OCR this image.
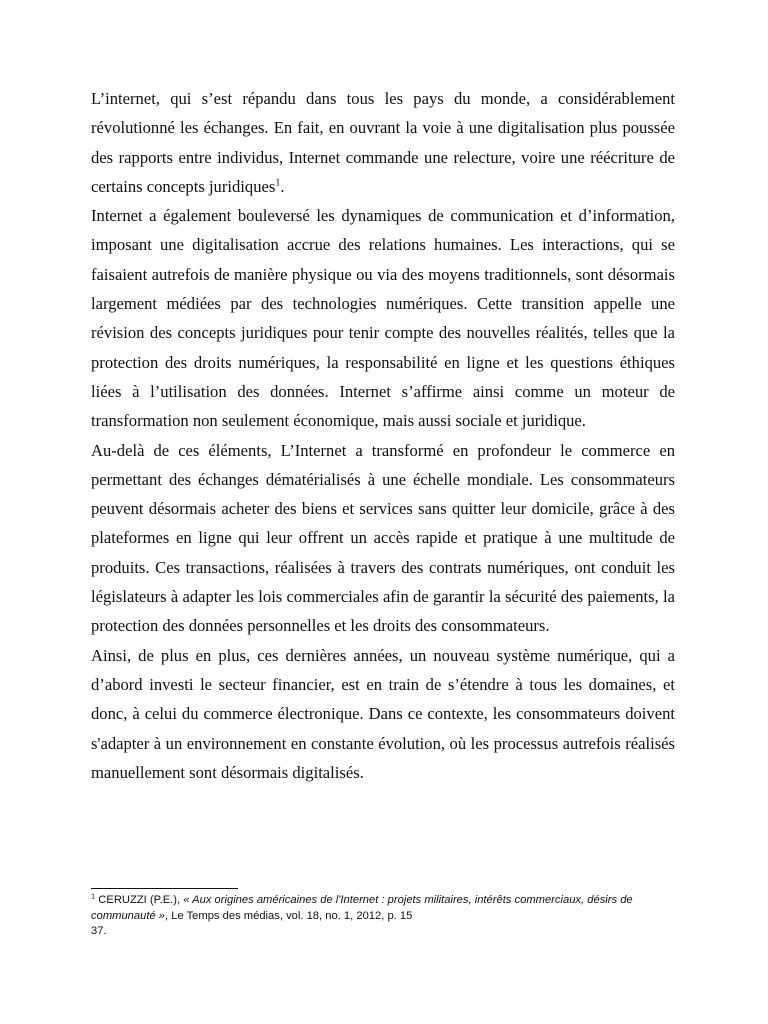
L’internet, qui s’est répandu dans tous les pays du monde, a considérablement révolutionné les échanges. En fait, en ouvrant la voie à une digitalisation plus poussée des rapports entre individus, Internet commande une relecture, voire une réécriture de certains concepts juridiques$^1$.

Internet a également bouleversé les dynamiques de communication et d’information, imposant une digitalisation accrue des relations humaines. Les interactions, qui se faisaient autrefois de manière physique ou via des moyens traditionnels, sont désormais largement médiées par des technologies numériques. Cette transition appelle une révision des concepts juridiques pour tenir compte des nouvelles réalités, telles que la protection des droits numériques, la responsabilité en ligne et les questions éthiques liées à l’utilisation des données. Internet s’affirme ainsi comme un moteur de transformation non seulement économique, mais aussi sociale et juridique.

Au-delà de ces éléments, L’Internet a transformé en profondeur le commerce en permettant des échanges dématérialisés à une échelle mondiale. Les consommateurs peuvent désormais acheter des biens et services sans quitter leur domicile, grâce à des plateformes en ligne qui leur offrent un accès rapide et pratique à une multitude de produits. Ces transactions, réalisées à travers des contrats numériques, ont conduit les législateurs à adapter les lois commerciales afin de garantir la sécurité des paiements, la protection des données personnelles et les droits des consommateurs.

Ainsi, de plus en plus, ces dernières années, un nouveau système numérique, qui a d’abord investi le secteur financier, est en train de s’étendre à tous les domaines, et donc, à celui du commerce électronique. Dans ce contexte, les consommateurs doivent s'adapter à un environnement en constante évolution, où les processus autrefois réalisés manuellement sont désormais digitalisés.

$^1$ CERUZZI (P.E.), « Aux origines américaines de l'Internet : projets militaires, intérêts commerciaux, désirs de communauté », Le Temps des médias, vol. 18, no. 1, 2012, p. 15

37.
